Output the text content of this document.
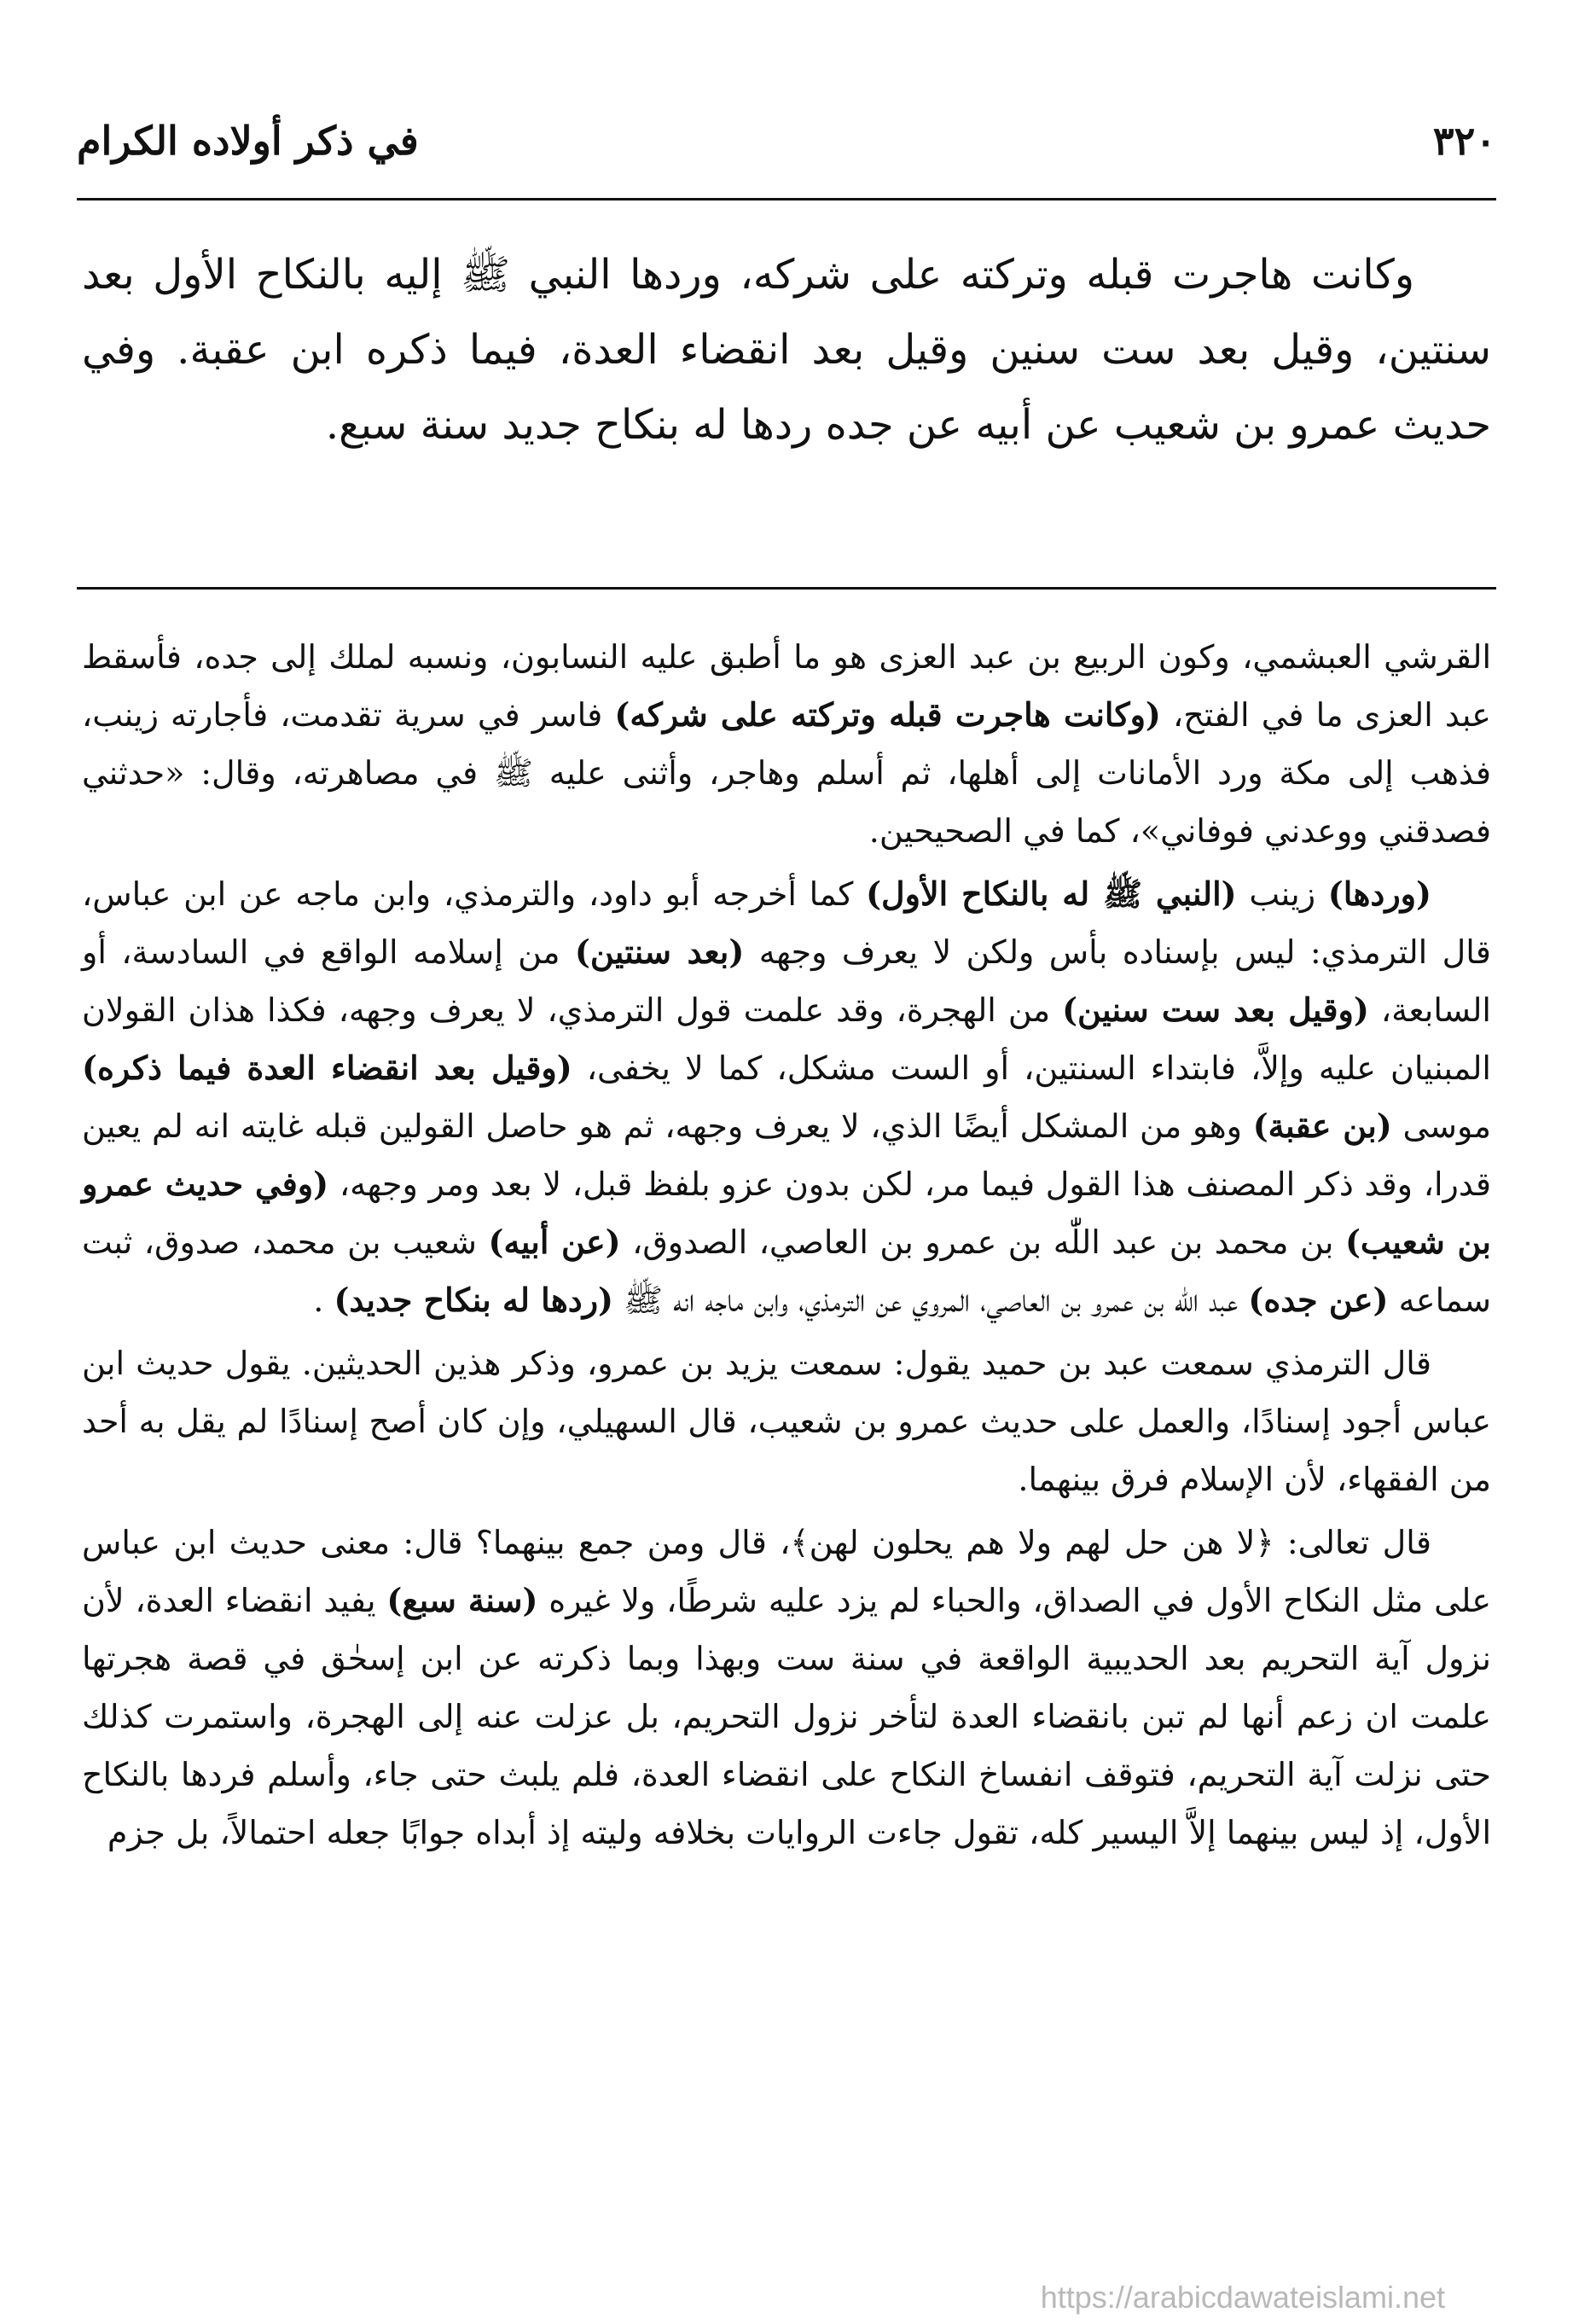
٣٢٠
في ذكر أولاده الكرام

وكانت هاجرت قبله وتركته على شركه، وردها النبي ﷺ إليه بالنكاح الأول بعد سنتين، وقيل بعد ست سنين وقيل بعد انقضاء العدة، فيما ذكره ابن عقبة. وفي حديث عمرو بن شعيب عن أبيه عن جده ردها له بنكاح جديد سنة سبع.

القرشي العبشمي، وكون الربيع بن عبد العزى هو ما أطبق عليه النسابون، ونسبه لملك إلى جده، فأسقط عبد العزى ما في الفتح، (وكانت هاجرت قبله وتركته على شركه) فاسر في سرية تقدمت، فأجارته زينب، فذهب إلى مكة ورد الأمانات إلى أهلها، ثم أسلم وهاجر، وأثنى عليه ﷺ في مصاهرته، وقال: «حدثني فصدقني ووعدني فوفاني»، كما في الصحيحين.

(وردها) زينب (النبي ﷺ له بالنكاح الأول) كما أخرجه أبو داود، والترمذي، وابن ماجه عن ابن عباس، قال الترمذي: ليس بإسناده بأس ولكن لا يعرف وجهه (بعد سنتين) من إسلامه الواقع في السادسة، أو السابعة، (وقيل بعد ست سنين) من الهجرة، وقد علمت قول الترمذي، لا يعرف وجهه، فكذا هذان القولان المبنيان عليه وإلاَّ، فابتداء السنتين، أو الست مشكل، كما لا يخفى، (وقيل بعد انقضاء العدة فيما ذكره) موسى (بن عقبة) وهو من المشكل أيضًا الذي، لا يعرف وجهه، ثم هو حاصل القولين قبله غايته انه لم يعين قدرا، وقد ذكر المصنف هذا القول فيما مر، لكن بدون عزو بلفظ قبل، لا بعد ومر وجهه، (وفي حديث عمرو بن شعيب) بن محمد بن عبد اللّٰه بن عمرو بن العاصي، الصدوق، (عن أبيه) شعيب بن محمد، صدوق، ثبت سماعه (عن جده) عبد اللّٰه بن عمرو بن العاصي، المروي عن الترمذي، وابن ماجه انه ﷺ (ردها له بنكاح جديد) .

قال الترمذي سمعت عبد بن حميد يقول: سمعت يزيد بن عمرو، وذكر هذين الحديثين. يقول حديث ابن عباس أجود إسنادًا، والعمل على حديث عمرو بن شعيب، قال السهيلي، وإن كان أصح إسنادًا لم يقل به أحد من الفقهاء، لأن الإسلام فرق بينهما.

قال تعالى: ﴿لا هن حل لهم ولا هم يحلون لهن﴾، قال ومن جمع بينهما؟ قال: معنى حديث ابن عباس على مثل النكاح الأول في الصداق، والحباء لم يزد عليه شرطًا، ولا غيره (سنة سبع) يفيد انقضاء العدة، لأن نزول آية التحريم بعد الحديبية الواقعة في سنة ست وبهذا وبما ذكرته عن ابن إسحٰق في قصة هجرتها علمت ان زعم أنها لم تبن بانقضاء العدة لتأخر نزول التحريم، بل عزلت عنه إلى الهجرة، واستمرت كذلك حتى نزلت آية التحريم، فتوقف انفساخ النكاح على انقضاء العدة، فلم يلبث حتى جاء، وأسلم فردها بالنكاح الأول، إذ ليس بينهما إلاَّ اليسير كله، تقول جاءت الروايات بخلافه وليته إذ أبداه جوابًا جعله احتمالاً، بل جزم

https://arabicdawateislami.net
